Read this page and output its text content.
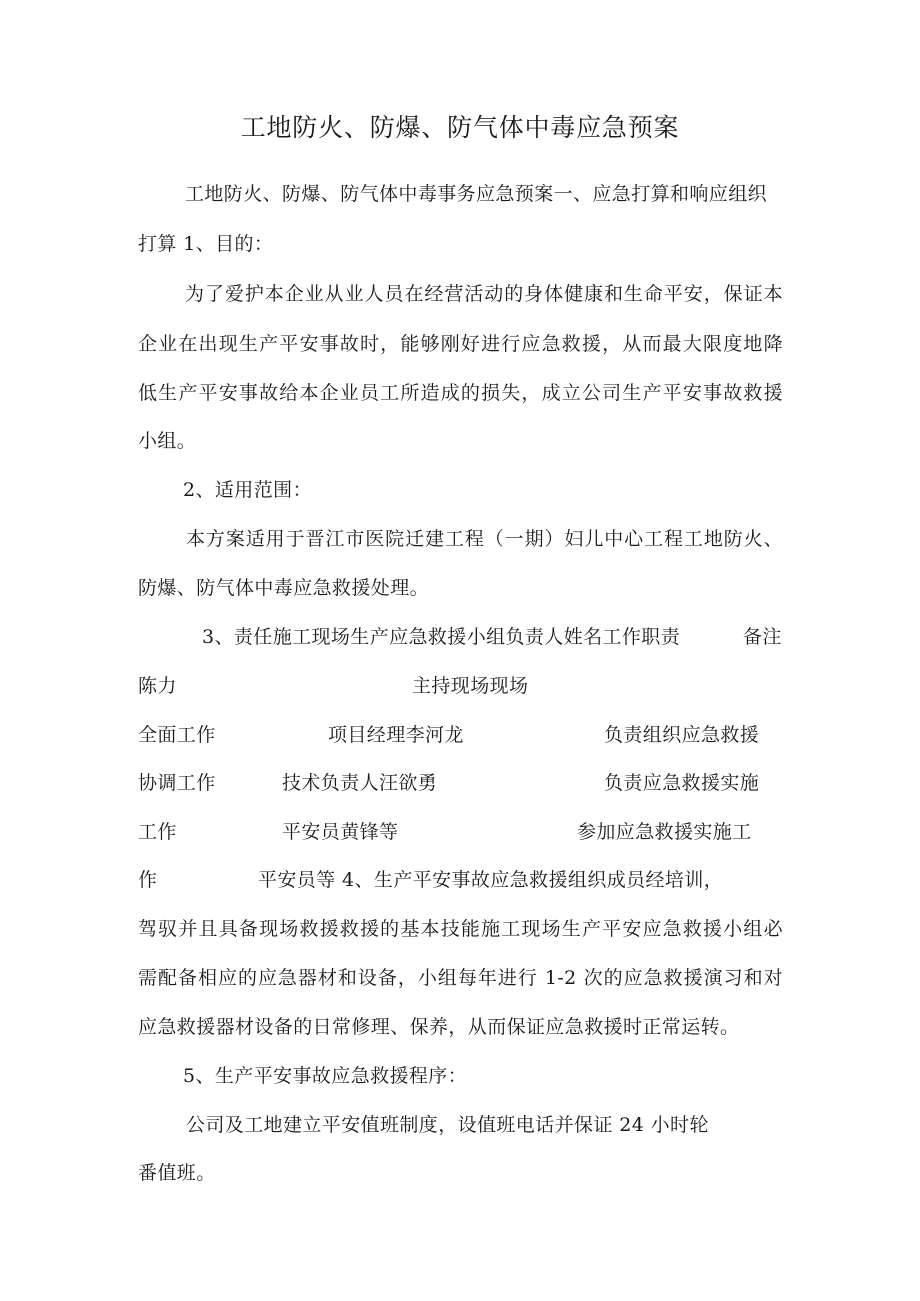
工地防火、防爆、防气体中毒应急预案
工地防火、防爆、防气体中毒事务应急预案一、应急打算和响应组织
打算 1、目的：
为了爱护本企业从业人员在经营活动的身体健康和生命平安，保证本
企业在出现生产平安事故时，能够刚好进行应急救援，从而最大限度地降
低生产平安事故给本企业员工所造成的损失，成立公司生产平安事故救援
小组。
2、适用范围：
本方案适用于晋江市医院迁建工程（一期）妇儿中心工程工地防火、
防爆、防气体中毒应急救援处理。
3、责任施工现场生产应急救援小组负责人姓名工作职责	备注
陈力	主持现场现场
全面工作	项目经理李河龙	负责组织应急救援
协调工作	技术负责人汪欲勇	负责应急救援实施
工作	平安员黄锋等	参加应急救援实施工
作	平安员等 4、生产平安事故应急救援组织成员经培训，
驾驭并且具备现场救援救援的基本技能施工现场生产平安应急救援小组必
需配备相应的应急器材和设备，小组每年进行 1-2 次的应急救援演习和对
应急救援器材设备的日常修理、保养，从而保证应急救援时正常运转。
5、生产平安事故应急救援程序：
公司及工地建立平安值班制度，设值班电话并保证 24 小时轮
番值班。
